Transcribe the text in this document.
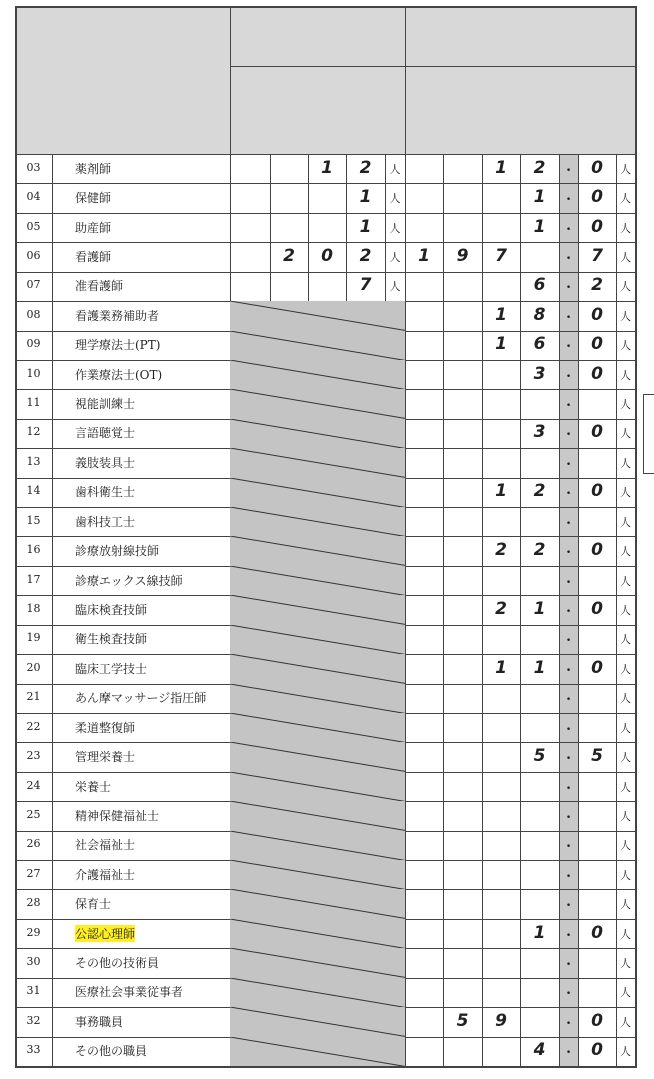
03	薬剤師	1	2	人	1	2	.	0	人
04	保健師	1	人	1	.	0	人
05	助産師	1	人	1	.	0	人
06	看護師	2	0	2	人	1	9	7	.	7	人
07	准看護師	7	人	6	.	2	人
08	看護業務補助者	1	8	.	0	人
09	理学療法士(PT)	1	6	.	0	人
10	作業療法士(OT)	3	.	0	人
11	視能訓練士	.	人
12	言語聴覚士	3	.	0	人
13	義肢装具士	.	人
14	歯科衛生士	1	2	.	0	人
15	歯科技工士	.	人
16	診療放射線技師	2	2	.	0	人
17	診療エックス線技師	.	人
18	臨床検査技師	2	1	.	0	人
19	衛生検査技師	.	人
20	臨床工学技士	1	1	.	0	人
21	あん摩マッサージ指圧師	.	人
22	柔道整復師	.	人
23	管理栄養士	5	.	5	人
24	栄養士	.	人
25	精神保健福祉士	.	人
26	社会福祉士	.	人
27	介護福祉士	.	人
28	保育士	.	人
29	公認心理師	1	.	0	人
30	その他の技術員	.	人
31	医療社会事業従事者	.	人
32	事務職員	5	9	.	0	人
33	その他の職員	4	.	0	人
